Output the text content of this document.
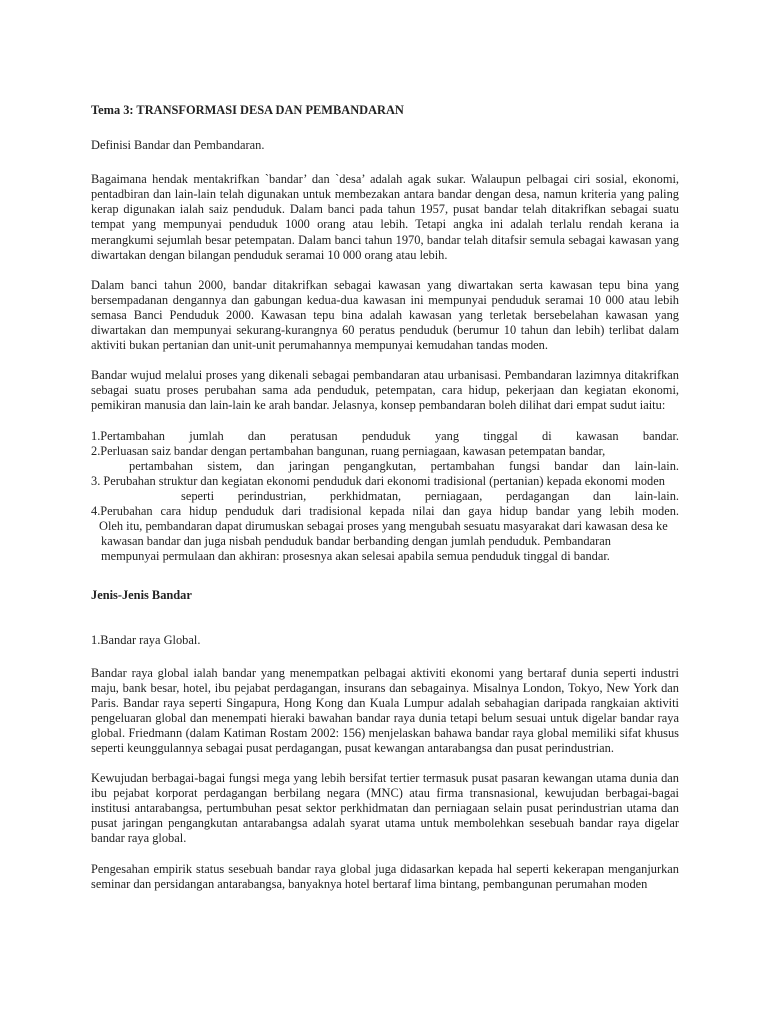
Tema 3: TRANSFORMASI DESA DAN PEMBANDARAN
Definisi Bandar dan Pembandaran.

Bagaimana hendak mentakrifkan `bandar’ dan `desa’ adalah agak sukar. Walaupun pelbagai ciri sosial, ekonomi, pentadbiran dan lain-lain telah digunakan untuk membezakan antara bandar dengan desa, namun kriteria yang paling kerap digunakan ialah saiz penduduk. Dalam banci pada tahun 1957, pusat bandar telah ditakrifkan sebagai suatu tempat yang mempunyai penduduk 1000 orang atau lebih. Tetapi angka ini adalah terlalu rendah kerana ia merangkumi sejumlah besar petempatan. Dalam banci tahun 1970, bandar telah ditafsir semula sebagai kawasan yang diwartakan dengan bilangan penduduk seramai 10 000 orang atau lebih.

Dalam banci tahun 2000, bandar ditakrifkan sebagai kawasan yang diwartakan serta kawasan tepu bina yang bersempadanan dengannya dan gabungan kedua-dua kawasan ini mempunyai penduduk seramai 10 000 atau lebih semasa Banci Penduduk 2000. Kawasan tepu bina adalah kawasan yang terletak bersebelahan kawasan yang diwartakan dan mempunyai sekurang-kurangnya 60 peratus penduduk (berumur 10 tahun dan lebih) terlibat dalam aktiviti bukan pertanian dan unit-unit perumahannya mempunyai kemudahan tandas moden.

Bandar wujud melalui proses yang dikenali sebagai pembandaran atau urbanisasi. Pembandaran lazimnya ditakrifkan sebagai suatu proses perubahan sama ada penduduk, petempatan, cara hidup, pekerjaan dan kegiatan ekonomi, pemikiran manusia dan lain-lain ke arah bandar. Jelasnya, konsep pembandaran boleh dilihat dari empat sudut iaitu:

1.Pertambahan jumlah dan peratusan penduduk yang tinggal di kawasan bandar.
2.Perluasan saiz bandar dengan pertambahan bangunan, ruang perniagaan, kawasan petempatan bandar,
pertambahan sistem, dan jaringan pengangkutan, pertambahan fungsi bandar dan lain-lain.
3. Perubahan struktur dan kegiatan ekonomi penduduk dari ekonomi tradisional (pertanian) kepada ekonomi moden
seperti perindustrian, perkhidmatan, perniagaan, perdagangan dan lain-lain.
4.Perubahan cara hidup penduduk dari tradisional kepada nilai dan gaya hidup bandar yang lebih moden.
Oleh itu, pembandaran dapat dirumuskan sebagai proses yang mengubah sesuatu masyarakat dari kawasan desa ke
kawasan bandar dan juga nisbah penduduk bandar berbanding dengan jumlah penduduk. Pembandaran
mempunyai permulaan dan akhiran: prosesnya akan selesai apabila semua penduduk tinggal di bandar.
Jenis-Jenis Bandar
1.Bandar raya Global.

Bandar raya global ialah bandar yang menempatkan pelbagai aktiviti ekonomi yang bertaraf dunia seperti industri maju, bank besar, hotel, ibu pejabat perdagangan, insurans dan sebagainya. Misalnya London, Tokyo, New York dan Paris. Bandar raya seperti Singapura, Hong Kong dan Kuala Lumpur adalah sebahagian daripada rangkaian aktiviti pengeluaran global dan menempati hieraki bawahan bandar raya dunia tetapi belum sesuai untuk digelar bandar raya global. Friedmann (dalam Katiman Rostam 2002: 156) menjelaskan bahawa bandar raya global memiliki sifat khusus seperti keunggulannya sebagai pusat perdagangan, pusat kewangan antarabangsa dan pusat perindustrian.

Kewujudan berbagai-bagai fungsi mega yang lebih bersifat tertier termasuk pusat pasaran kewangan utama dunia dan ibu pejabat korporat perdagangan berbilang negara (MNC) atau firma transnasional, kewujudan berbagai-bagai institusi antarabangsa, pertumbuhan pesat sektor perkhidmatan dan perniagaan selain pusat perindustrian utama dan pusat jaringan pengangkutan antarabangsa adalah syarat utama untuk membolehkan sesebuah bandar raya digelar bandar raya global.

Pengesahan empirik status sesebuah bandar raya global juga didasarkan kepada hal seperti kekerapan menganjurkan seminar dan persidangan antarabangsa, banyaknya hotel bertaraf lima bintang, pembangunan perumahan moden
